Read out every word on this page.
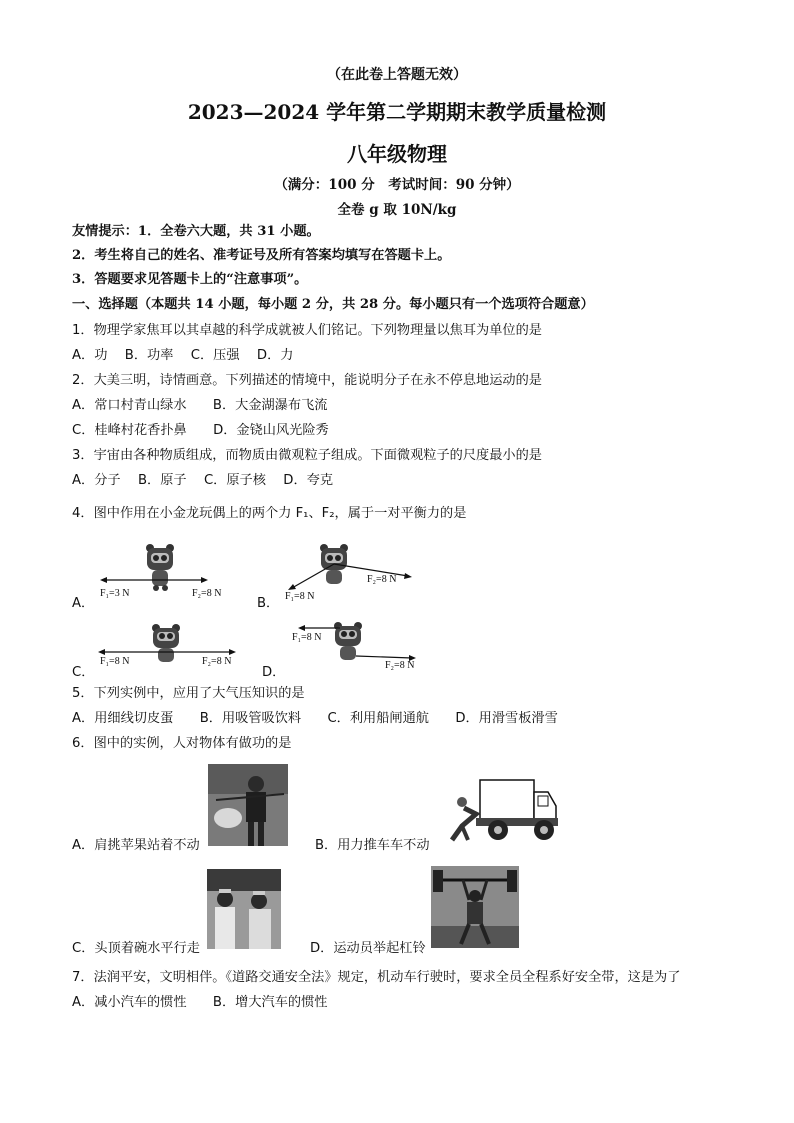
（在此卷上答题无效）
2023—2024 学年第二学期期末教学质量检测
八年级物理
（满分：100 分　考试时间：90 分钟）
全卷 g 取 10N/kg
友情提示：1．全卷六大题，共 31 小题。
2．考生将自己的姓名、准考证号及所有答案均填写在答题卡上。
3．答题要求见答题卡上的“注意事项”。
一、选择题（本题共 14 小题，每小题 2 分，共 28 分。每小题只有一个选项符合题意）
1．物理学家焦耳以其卓越的科学成就被人们铭记。下列物理量以焦耳为单位的是
A．功　 B．功率　 C．压强　 D．力
2．大美三明，诗情画意。下列描述的情境中，能说明分子在永不停息地运动的是
A．常口村青山绿水　　B．大金湖瀑布飞流
C．桂峰村花香扑鼻　　D．金铙山风光险秀
3．宇宙由各种物质组成，而物质由微观粒子组成。下面微观粒子的尺度最小的是
A．分子　 B．原子　 C．原子核　 D．夸克
4．图中作用在小金龙玩偶上的两个力 F₁、F₂，属于一对平衡力的是
A．
F₁=3 N	F₂=8 N
B． F₁=8 N
F₂=8 N
C．
F₁=8 N	F₂=8 N
D．
F₁=8 N
F₂=8 N
5．下列实例中，应用了大气压知识的是
A．用细线切皮蛋　　B．用吸管吸饮料　　C．利用船闸通航　　D．用滑雪板滑雪
6．图中的实例，人对物体有做功的是
A．肩挑苹果站着不动	B．用力推车车不动
C．头顶着碗水平行走	D．运动员举起杠铃
7．法润平安，文明相伴。《道路交通安全法》规定，机动车行驶时，要求全员全程系好安全带，这是为了
A．减小汽车的惯性　　B．增大汽车的惯性
